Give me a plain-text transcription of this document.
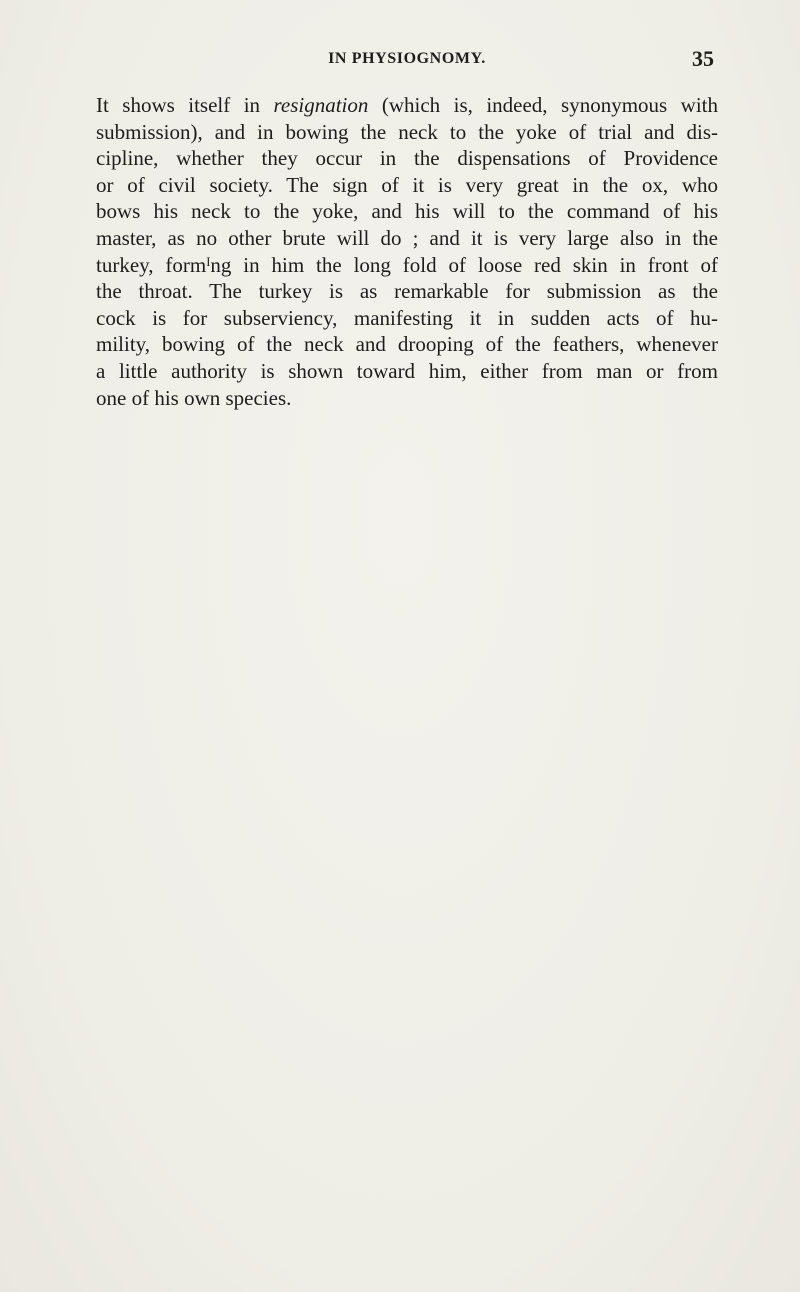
IN PHYSIOGNOMY.	35

It shows itself in resignation (which is, indeed, synonymous with
submission), and in bowing the neck to the yoke of trial and dis-
cipline, whether they occur in the dispensations of Providence
or of civil society. The sign of it is very great in the ox, who
bows his neck to the yoke, and his will to the command of his
master, as no other brute will do ; and it is very large also in the
turkey, formᴵng in him the long fold of loose red skin in front of
the throat. The turkey is as remarkable for submission as the
cock is for subserviency, manifesting it in sudden acts of hu-
mility, bowing of the neck and drooping of the feathers, whenever
a little authority is shown toward him, either from man or from
one of his own species.
